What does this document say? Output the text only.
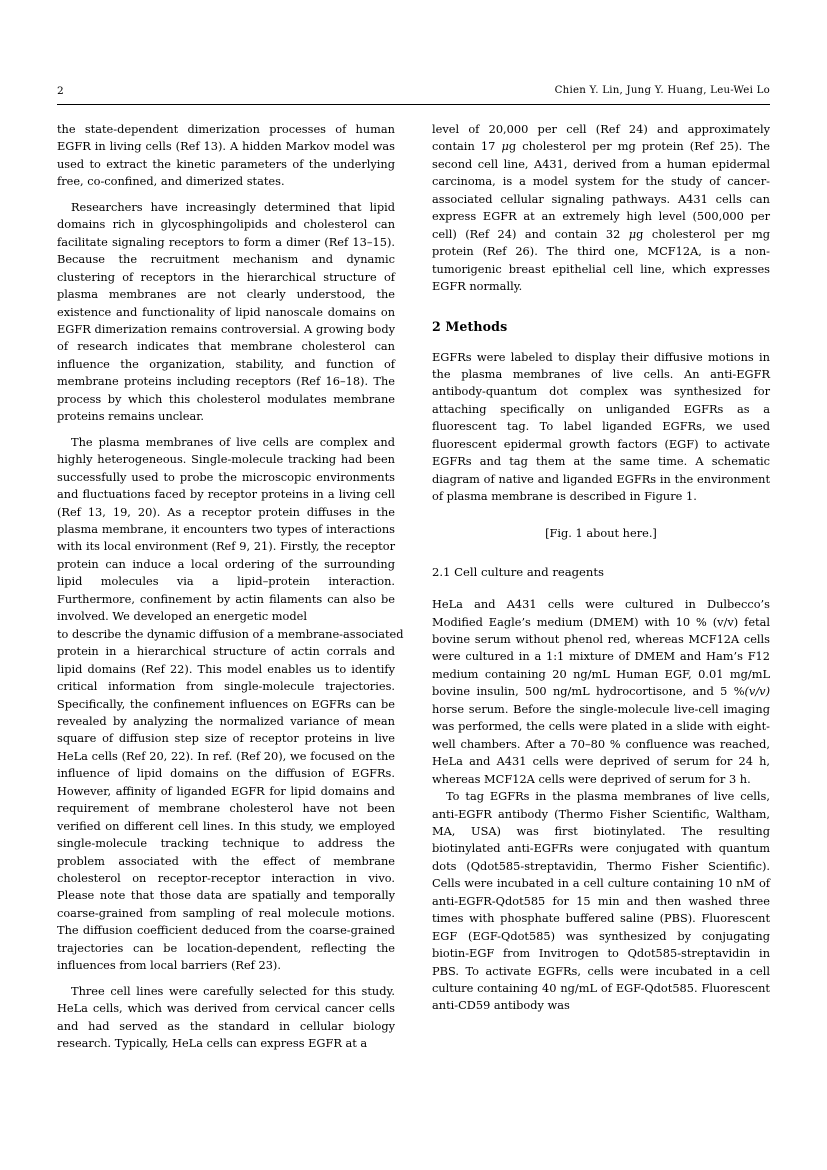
2	Chien Y. Lin, Jung Y. Huang, Leu-Wei Lo

the state-dependent dimerization processes of human EGFR in living cells (Ref 13). A hidden Markov model was used to extract the kinetic parameters of the underlying free, co-confined, and dimerized states.

Researchers have increasingly determined that lipid domains rich in glycosphingolipids and cholesterol can facilitate signaling receptors to form a dimer (Ref 13–15). Because the recruitment mechanism and dynamic clustering of receptors in the hierarchical structure of plasma membranes are not clearly understood, the existence and functionality of lipid nanoscale domains on EGFR dimerization remains controversial. A growing body of research indicates that membrane cholesterol can influence the organization, stability, and function of membrane proteins including receptors (Ref 16–18). The process by which this cholesterol modulates membrane proteins remains unclear.

The plasma membranes of live cells are complex and highly heterogeneous. Single-molecule tracking had been successfully used to probe the microscopic environments and fluctuations faced by receptor proteins in a living cell (Ref 13, 19, 20). As a receptor protein diffuses in the plasma membrane, it encounters two types of interactions with its local environment (Ref 9, 21). Firstly, the receptor protein can induce a local ordering of the surrounding lipid molecules via a lipid–protein interaction. Furthermore, confinement by actin filaments can also be involved. We developed an energetic model

to describe the dynamic diffusion of a membrane-associated

protein in a hierarchical structure of actin corrals and lipid domains (Ref 22). This model enables us to identify critical information from single-molecule trajectories. Specifically, the confinement influences on EGFRs can be revealed by analyzing the normalized variance of mean square of diffusion step size of receptor proteins in live HeLa cells (Ref 20, 22). In ref. (Ref 20), we focused on the influence of lipid domains on the diffusion of EGFRs. However, affinity of liganded EGFR for lipid domains and requirement of membrane cholesterol have not been verified on different cell lines. In this study, we employed single-molecule tracking technique to address the problem associated with the effect of membrane cholesterol on receptor-receptor interaction in vivo. Please note that those data are spatially and temporally coarse-grained from sampling of real molecule motions. The diffusion coefficient deduced from the coarse-grained trajectories can be location-dependent, reflecting the influences from local barriers (Ref 23).

Three cell lines were carefully selected for this study. HeLa cells, which was derived from cervical cancer cells and had served as the standard in cellular biology research. Typically, HeLa cells can express EGFR at a

level of 20,000 per cell (Ref 24) and approximately contain 17 μg cholesterol per mg protein (Ref 25). The second cell line, A431, derived from a human epidermal carcinoma, is a model system for the study of cancer-associated cellular signaling pathways. A431 cells can express EGFR at an extremely high level (500,000 per cell) (Ref 24) and contain 32 μg cholesterol per mg protein (Ref 26). The third one, MCF12A, is a non-tumorigenic breast epithelial cell line, which expresses EGFR normally.

2 Methods

EGFRs were labeled to display their diffusive motions in the plasma membranes of live cells. An anti-EGFR antibody-quantum dot complex was synthesized for attaching specifically on unliganded EGFRs as a fluorescent tag. To label liganded EGFRs, we used fluorescent epidermal growth factors (EGF) to activate EGFRs and tag them at the same time. A schematic diagram of native and liganded EGFRs in the environment of plasma membrane is described in Figure 1.

[Fig. 1 about here.]

2.1 Cell culture and reagents

HeLa and A431 cells were cultured in Dulbecco’s Modified Eagle’s medium (DMEM) with 10 % (v/v) fetal bovine serum without phenol red, whereas MCF12A cells were cultured in a 1:1 mixture of DMEM and Ham’s F12 medium containing 20 ng/mL Human EGF, 0.01 mg/mL bovine insulin, 500 ng/mL hydrocortisone, and 5 %(v/v) horse serum. Before the single-molecule live-cell imaging was performed, the cells were plated in a slide with eight-well chambers. After a 70–80 % confluence was reached, HeLa and A431 cells were deprived of serum for 24 h, whereas MCF12A cells were deprived of serum for 3 h.

To tag EGFRs in the plasma membranes of live cells, anti-EGFR antibody (Thermo Fisher Scientific, Waltham, MA, USA) was first biotinylated. The resulting biotinylated anti-EGFRs were conjugated with quantum dots (Qdot585-streptavidin, Thermo Fisher Scientific). Cells were incubated in a cell culture containing 10 nM of anti-EGFR-Qdot585 for 15 min and then washed three times with phosphate buffered saline (PBS). Fluorescent EGF (EGF-Qdot585) was synthesized by conjugating biotin-EGF from Invitrogen to Qdot585-streptavidin in PBS. To activate EGFRs, cells were incubated in a cell culture containing 40 ng/mL of EGF-Qdot585. Fluorescent anti-CD59 antibody was
